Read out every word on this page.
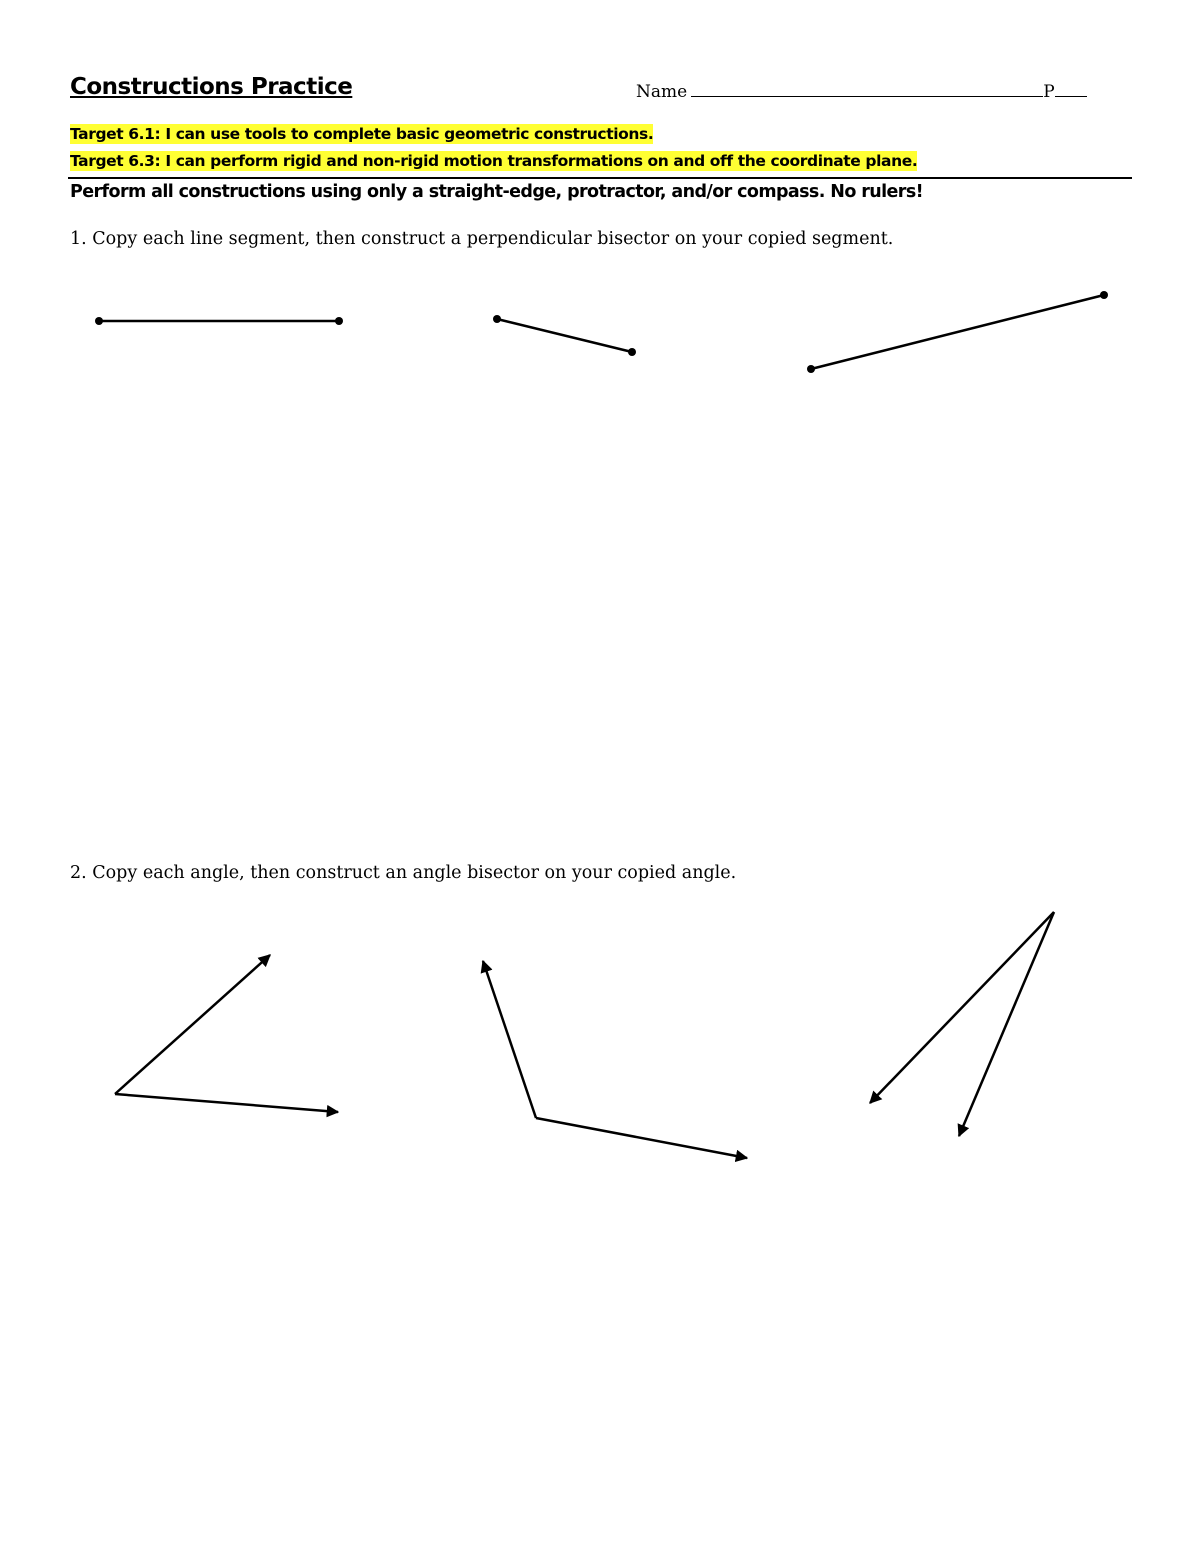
Constructions Practice	Name	P
Target 6.1: I can use tools to complete basic geometric constructions.
Target 6.3: I can perform rigid and non-rigid motion transformations on and off the coordinate plane.
Perform all constructions using only a straight-edge, protractor, and/or compass. No rulers!
1. Copy each line segment, then construct a perpendicular bisector on your copied segment.
2. Copy each angle, then construct an angle bisector on your copied angle.
